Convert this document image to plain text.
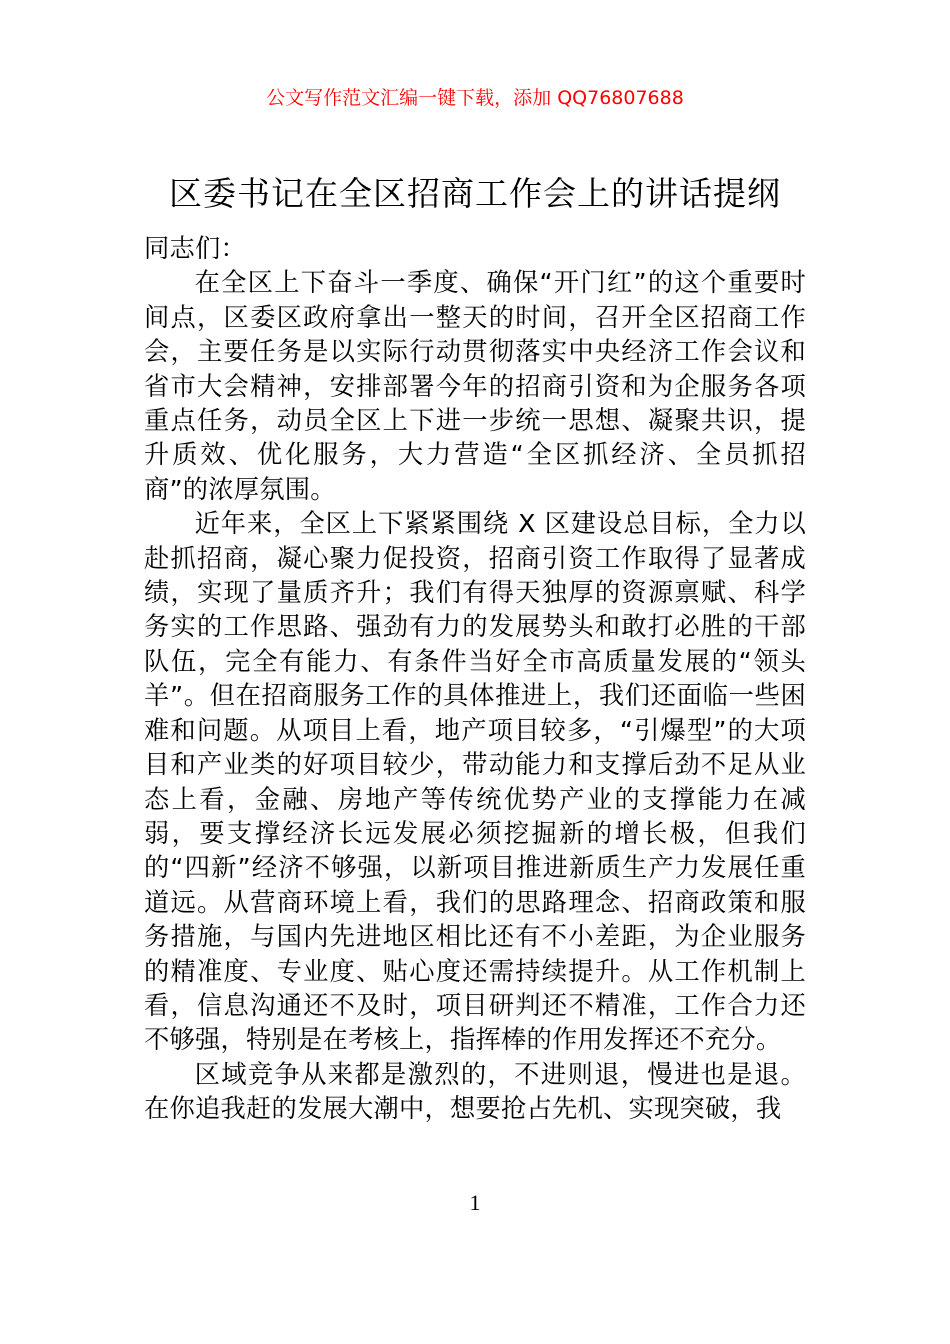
公文写作范文汇编一键下载，添加 QQ76807688
区委书记在全区招商工作会上的讲话提纲

同志们：

在全区上下奋斗一季度、确保“开门红”的这个重要时间点，区委区政府拿出一整天的时间，召开全区招商工作会，主要任务是以实际行动贯彻落实中央经济工作会议和省市大会精神，安排部署今年的招商引资和为企服务各项重点任务，动员全区上下进一步统一思想、凝聚共识，提升质效、优化服务，大力营造“全区抓经济、全员抓招商”的浓厚氛围。

近年来，全区上下紧紧围绕 X 区建设总目标，全力以赴抓招商，凝心聚力促投资，招商引资工作取得了显著成绩，实现了量质齐升；我们有得天独厚的资源禀赋、科学务实的工作思路、强劲有力的发展势头和敢打必胜的干部队伍，完全有能力、有条件当好全市高质量发展的“领头羊”。但在招商服务工作的具体推进上，我们还面临一些困难和问题。从项目上看，地产项目较多，“引爆型”的大项目和产业类的好项目较少，带动能力和支撑后劲不足从业态上看，金融、房地产等传统优势产业的支撑能力在减弱，要支撑经济长远发展必须挖掘新的增长极，但我们的“四新”经济不够强，以新项目推进新质生产力发展任重道远。从营商环境上看，我们的思路理念、招商政策和服务措施，与国内先进地区相比还有不小差距，为企业服务的精准度、专业度、贴心度还需持续提升。从工作机制上看，信息沟通还不及时，项目研判还不精准，工作合力还不够强，特别是在考核上，指挥棒的作用发挥还不充分。

区域竞争从来都是激烈的，不进则退，慢进也是退。在你追我赶的发展大潮中，想要抢占先机、实现突破，我

1
